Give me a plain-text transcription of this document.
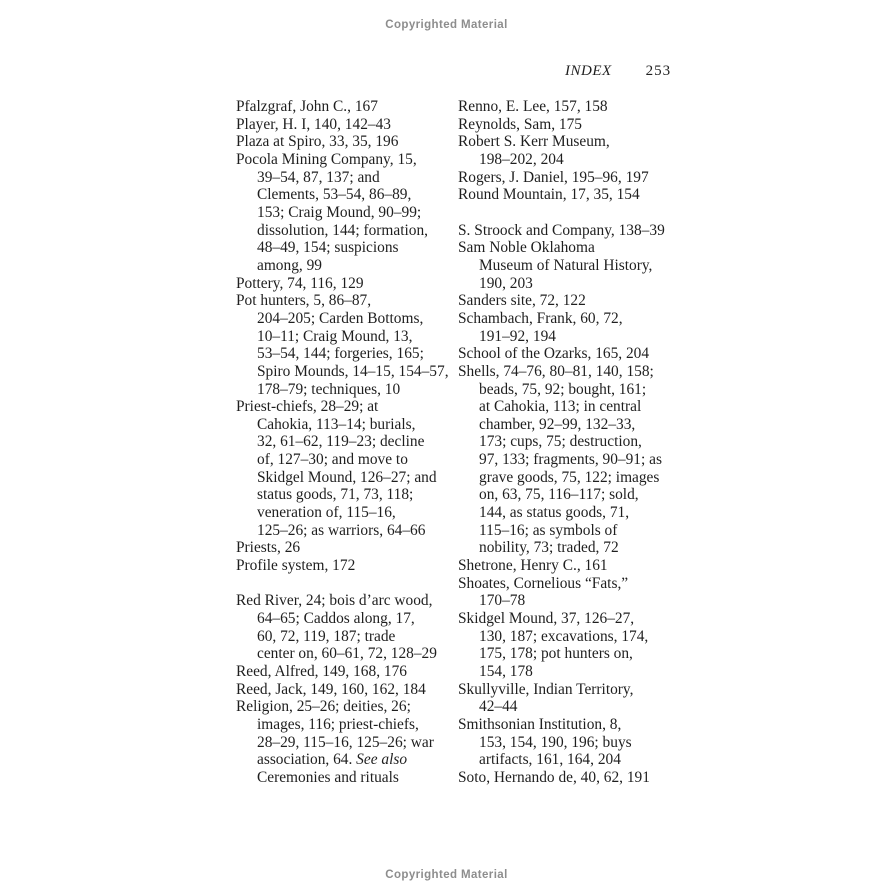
Copyrighted Material
INDEX 253
Pfalzgraf, John C., 167
Player, H. I, 140, 142–43
Plaza at Spiro, 33, 35, 196
Pocola Mining Company, 15,
39–54, 87, 137; and
Clements, 53–54, 86–89,
153; Craig Mound, 90–99;
dissolution, 144; formation,
48–49, 154; suspicions
among, 99
Pottery, 74, 116, 129
Pot hunters, 5, 86–87,
204–205; Carden Bottoms,
10–11; Craig Mound, 13,
53–54, 144; forgeries, 165;
Spiro Mounds, 14–15, 154–57,
178–79; techniques, 10
Priest-chiefs, 28–29; at
Cahokia, 113–14; burials,
32, 61–62, 119–23; decline
of, 127–30; and move to
Skidgel Mound, 126–27; and
status goods, 71, 73, 118;
veneration of, 115–16,
125–26; as warriors, 64–66
Priests, 26
Profile system, 172

Red River, 24; bois d’arc wood,
64–65; Caddos along, 17,
60, 72, 119, 187; trade
center on, 60–61, 72, 128–29
Reed, Alfred, 149, 168, 176
Reed, Jack, 149, 160, 162, 184
Religion, 25–26; deities, 26;
images, 116; priest-chiefs,
28–29, 115–16, 125–26; war
association, 64. See also
Ceremonies and rituals
Renno, E. Lee, 157, 158
Reynolds, Sam, 175
Robert S. Kerr Museum,
198–202, 204
Rogers, J. Daniel, 195–96, 197
Round Mountain, 17, 35, 154

S. Stroock and Company, 138–39
Sam Noble Oklahoma
Museum of Natural History,
190, 203
Sanders site, 72, 122
Schambach, Frank, 60, 72,
191–92, 194
School of the Ozarks, 165, 204
Shells, 74–76, 80–81, 140, 158;
beads, 75, 92; bought, 161;
at Cahokia, 113; in central
chamber, 92–99, 132–33,
173; cups, 75; destruction,
97, 133; fragments, 90–91; as
grave goods, 75, 122; images
on, 63, 75, 116–117; sold,
144, as status goods, 71,
115–16; as symbols of
nobility, 73; traded, 72
Shetrone, Henry C., 161
Shoates, Cornelious “Fats,”
170–78
Skidgel Mound, 37, 126–27,
130, 187; excavations, 174,
175, 178; pot hunters on,
154, 178
Skullyville, Indian Territory,
42–44
Smithsonian Institution, 8,
153, 154, 190, 196; buys
artifacts, 161, 164, 204
Soto, Hernando de, 40, 62, 191
Copyrighted Material
